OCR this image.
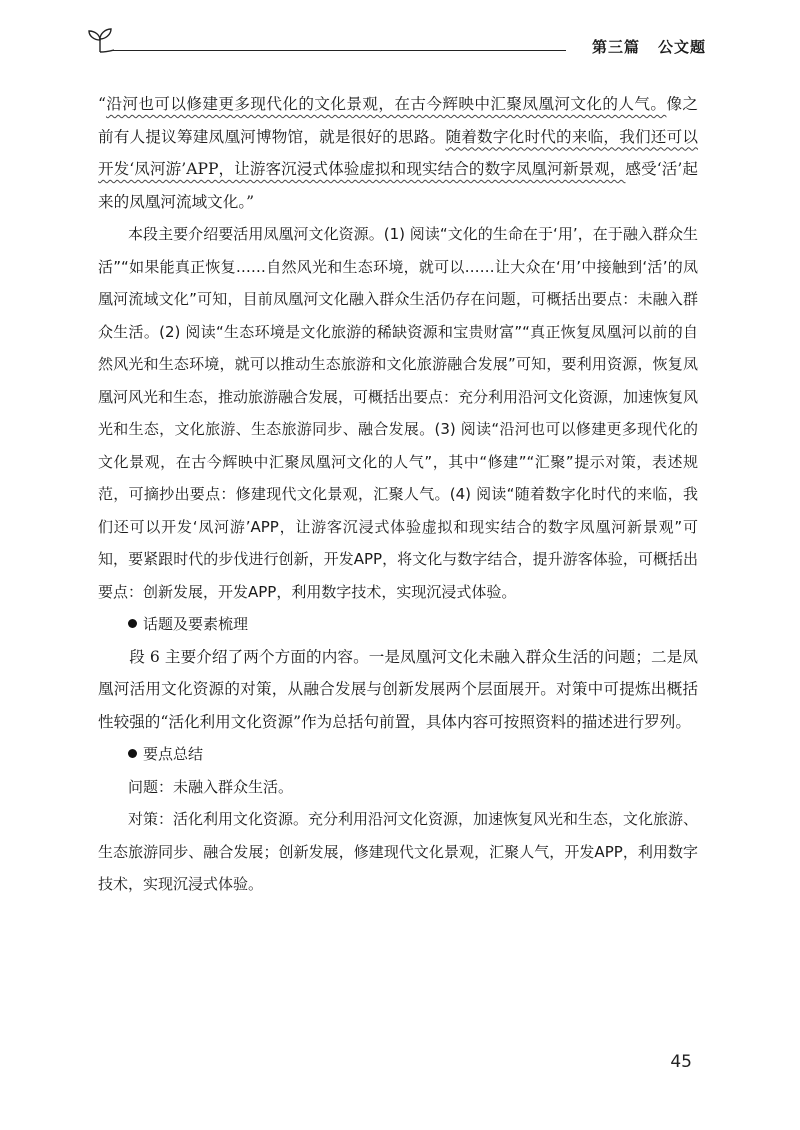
第三篇 公文题

“沿河也可以修建更多现代化的文化景观，在古今辉映中汇聚凤凰河文化的人气。像之前有人提议筹建凤凰河博物馆，就是很好的思路。随着数字化时代的来临，我们还可以开发‘凤河游’APP，让游客沉浸式体验虚拟和现实结合的数字凤凰河新景观，感受‘活’起来的凤凰河流域文化。”

本段主要介绍要活用凤凰河文化资源。(1) 阅读“文化的生命在于‘用’，在于融入群众生活”“如果能真正恢复……自然风光和生态环境，就可以……让大众在‘用’中接触到‘活’的凤凰河流域文化”可知，目前凤凰河文化融入群众生活仍存在问题，可概括出要点：未融入群众生活。(2) 阅读“生态环境是文化旅游的稀缺资源和宝贵财富”“真正恢复凤凰河以前的自然风光和生态环境，就可以推动生态旅游和文化旅游融合发展”可知，要利用资源，恢复凤凰河风光和生态，推动旅游融合发展，可概括出要点：充分利用沿河文化资源，加速恢复风光和生态，文化旅游、生态旅游同步、融合发展。(3) 阅读“沿河也可以修建更多现代化的文化景观，在古今辉映中汇聚凤凰河文化的人气”，其中“修建”“汇聚”提示对策，表述规范，可摘抄出要点：修建现代文化景观，汇聚人气。(4) 阅读“随着数字化时代的来临，我们还可以开发‘凤河游’APP，让游客沉浸式体验虚拟和现实结合的数字凤凰河新景观”可知，要紧跟时代的步伐进行创新，开发APP，将文化与数字结合，提升游客体验，可概括出要点：创新发展，开发APP，利用数字技术，实现沉浸式体验。

话题及要素梳理

段 6 主要介绍了两个方面的内容。一是凤凰河文化未融入群众生活的问题；二是凤凰河活用文化资源的对策，从融合发展与创新发展两个层面展开。对策中可提炼出概括性较强的“活化利用文化资源”作为总括句前置，具体内容可按照资料的描述进行罗列。

要点总结

问题：未融入群众生活。

对策：活化利用文化资源。充分利用沿河文化资源，加速恢复风光和生态，文化旅游、生态旅游同步、融合发展；创新发展，修建现代文化景观，汇聚人气，开发APP，利用数字技术，实现沉浸式体验。

45
